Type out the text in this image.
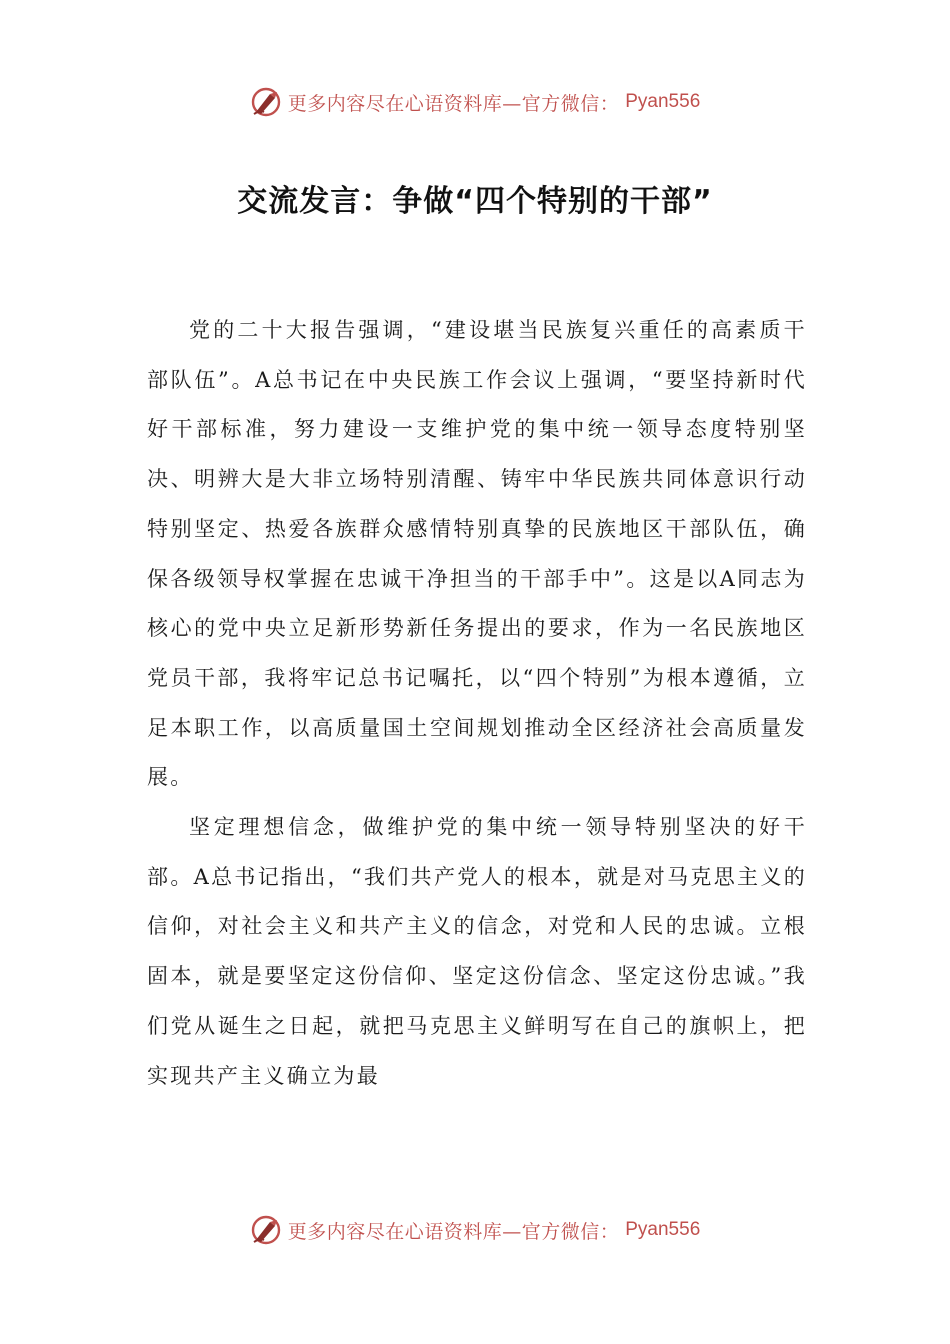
更多内容尽在心语资料库—官方微信： Pyan556
交流发言：争做“四个特别的干部”

党的二十大报告强调，“建设堪当民族复兴重任的高素质干部队伍”。A总书记在中央民族工作会议上强调，“要坚持新时代好干部标准，努力建设一支维护党的集中统一领导态度特别坚决、明辨大是大非立场特别清醒、铸牢中华民族共同体意识行动特别坚定、热爱各族群众感情特别真挚的民族地区干部队伍，确保各级领导权掌握在忠诚干净担当的干部手中”。这是以A同志为核心的党中央立足新形势新任务提出的要求，作为一名民族地区党员干部，我将牢记总书记嘱托，以“四个特别”为根本遵循，立足本职工作，以高质量国土空间规划推动全区经济社会高质量发展。

坚定理想信念，做维护党的集中统一领导特别坚决的好干部。A总书记指出，“我们共产党人的根本，就是对马克思主义的信仰，对社会主义和共产主义的信念，对党和人民的忠诚。立根固本，就是要坚定这份信仰、坚定这份信念、坚定这份忠诚。”我们党从诞生之日起，就把马克思主义鲜明写在自己的旗帜上，把实现共产主义确立为最

更多内容尽在心语资料库—官方微信： Pyan556
